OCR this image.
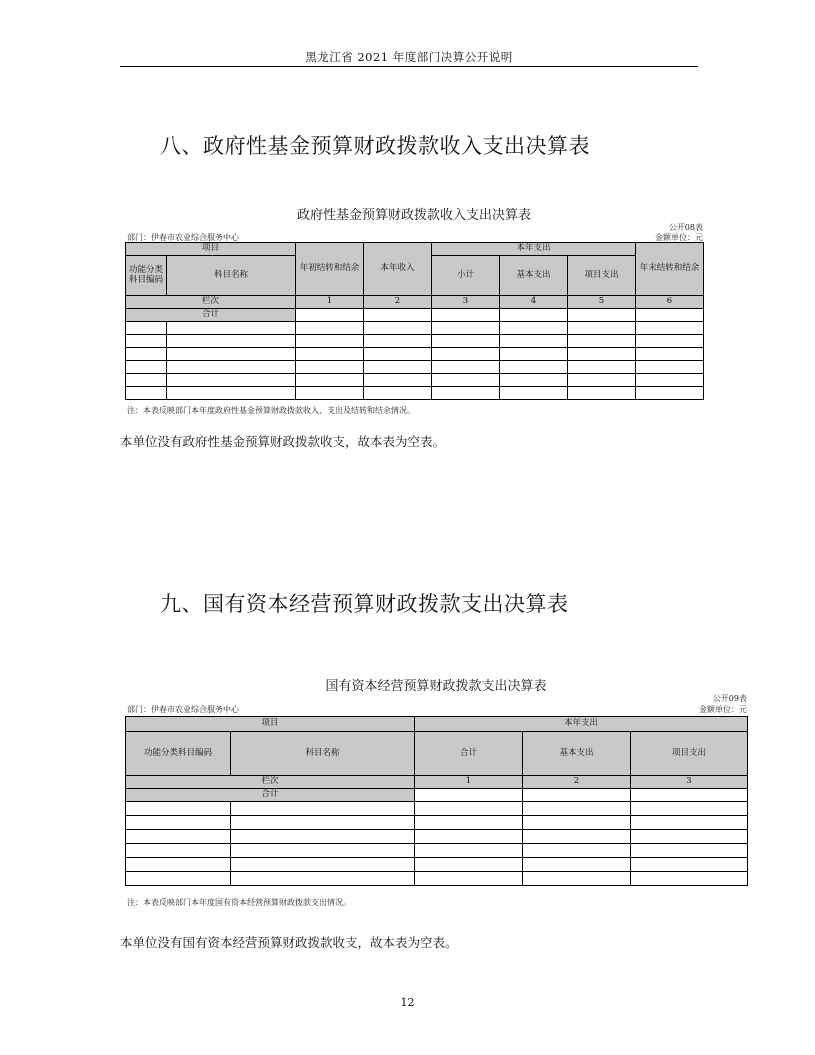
黑龙江省 2021 年度部门决算公开说明
八、政府性基金预算财政拨款收入支出决算表
政府性基金预算财政拨款收入支出决算表
公开08表
部门：伊春市农业综合服务中心	金额单位：元
项目		年初结转和结余	本年收入	本年支出			年末结转和结余
功能分类科目编码	科目名称			小计	基本支出	项目支出	
栏次		1	2	3	4	5	6
合计							

注：本表反映部门本年度政府性基金预算财政拨款收入、支出及结转和结余情况。
本单位没有政府性基金预算财政拨款收支，故本表为空表。
九、国有资本经营预算财政拨款支出决算表
国有资本经营预算财政拨款支出决算表
公开09表
部门：伊春市农业综合服务中心	金额单位：元
项目		本年支出		
功能分类科目编码	科目名称	合计	基本支出	项目支出
栏次		1	2	3
合计				

注：本表反映部门本年度国有资本经营预算财政拨款支出情况。
本单位没有国有资本经营预算财政拨款收支，故本表为空表。
12
